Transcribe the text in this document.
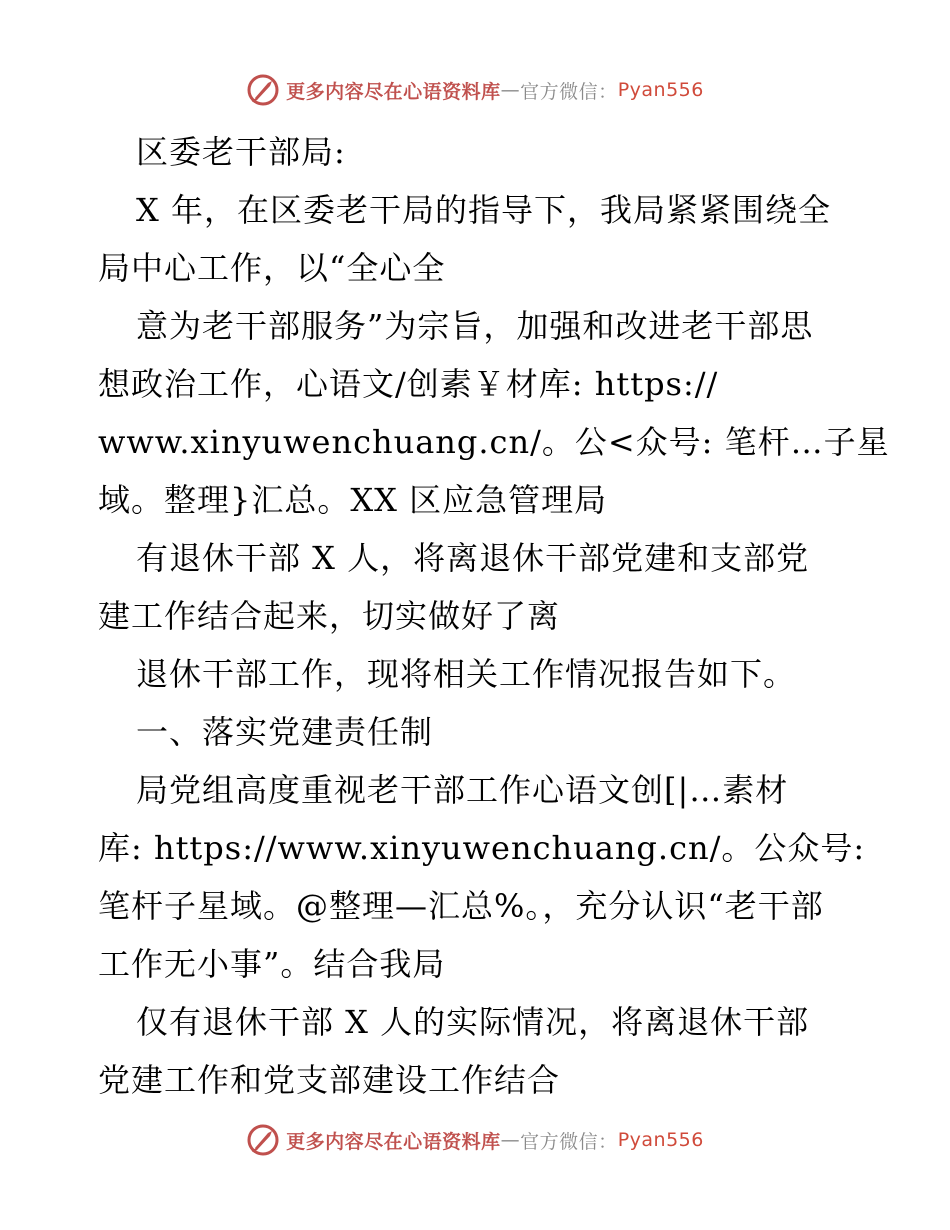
更多内容尽在心语资料库 — 官方微信： Pyan556
区委老干部局:
X 年，在区委老干局的指导下，我局紧紧围绕全
局中心工作，以“全心全
意为老干部服务”为宗旨，加强和改进老干部思
想政治工作，心语文/创素￥材库: https://
www.xinyuwenchuang.cn/。公<众号: 笔杆…子星
域。整理}汇总。XX 区应急管理局
有退休干部 X 人，将离退休干部党建和支部党
建工作结合起来，切实做好了离
退休干部工作，现将相关工作情况报告如下。
一、落实党建责任制
局党组高度重视老干部工作心语文创[|…素材
库: https://www.xinyuwenchuang.cn/。公众号:
笔杆子星域。@整理—汇总%。，充分认识“老干部
工作无小事”。结合我局
仅有退休干部 X 人的实际情况，将离退休干部
党建工作和党支部建设工作结合
更多内容尽在心语资料库 — 官方微信： Pyan556
